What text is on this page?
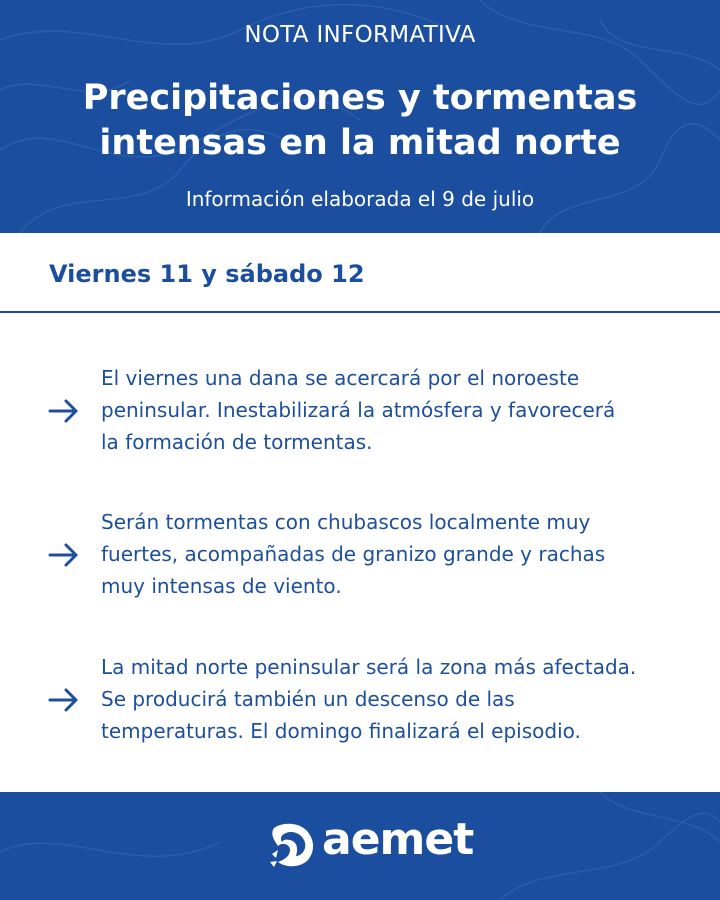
NOTA INFORMATIVA
Precipitaciones y tormentas
intensas en la mitad norte
Información elaborada el 9 de julio
Viernes 11 y sábado 12
El viernes una dana se acercará por el noroeste
peninsular. Inestabilizará la atmósfera y favorecerá
la formación de tormentas.
Serán tormentas con chubascos localmente muy
fuertes, acompañadas de granizo grande y rachas
muy intensas de viento.
La mitad norte peninsular será la zona más afectada.
Se producirá también un descenso de las
temperaturas. El domingo finalizará el episodio.
aemet
